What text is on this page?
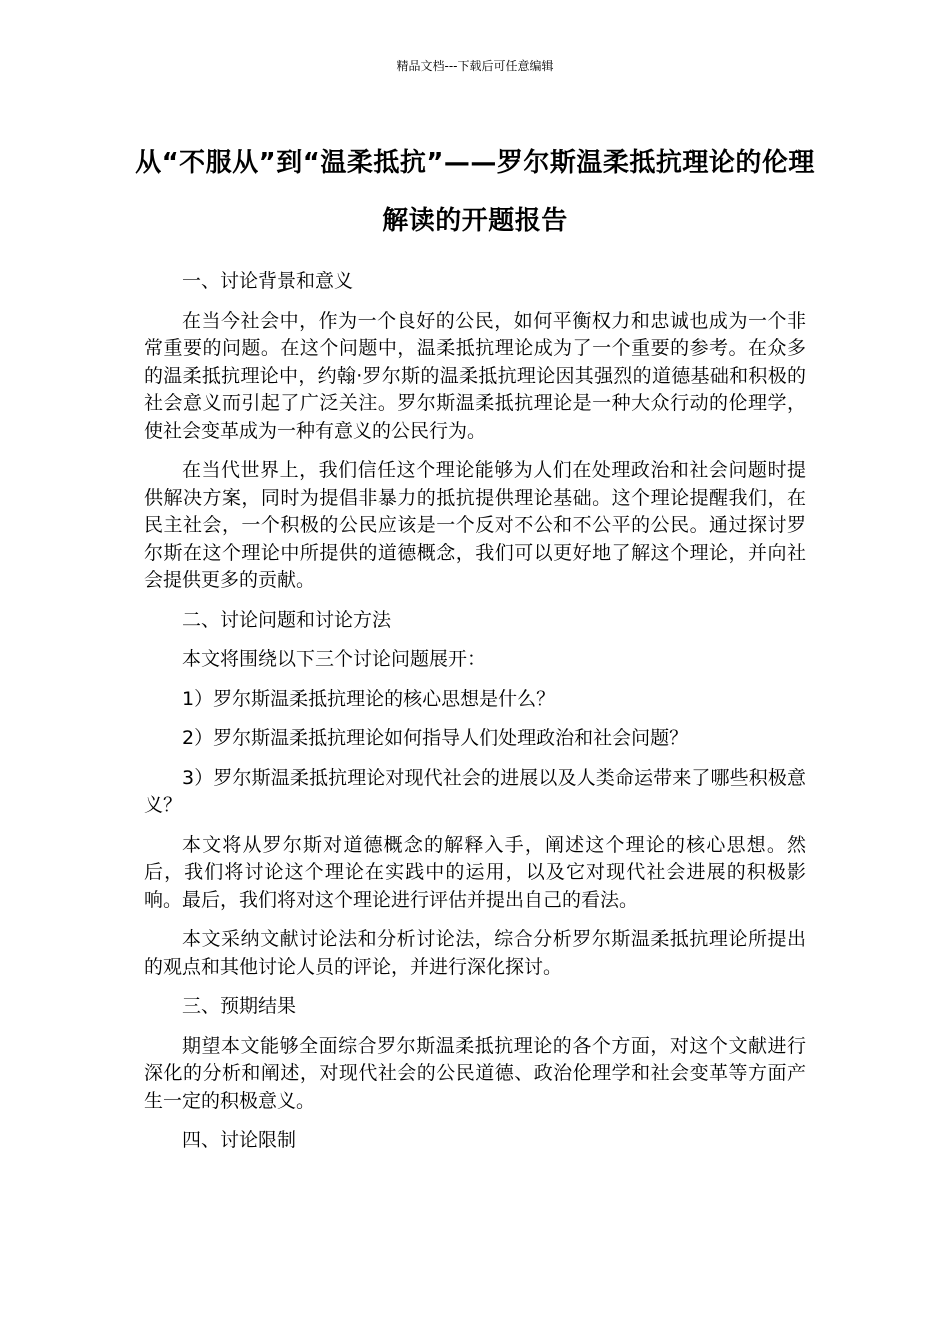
精品文档---下载后可任意编辑
从“不服从”到“温柔抵抗”——罗尔斯温柔抵抗理论的伦理解读的开题报告

一、讨论背景和意义

在当今社会中，作为一个良好的公民，如何平衡权力和忠诚也成为一个非常重要的问题。在这个问题中，温柔抵抗理论成为了一个重要的参考。在众多的温柔抵抗理论中，约翰·罗尔斯的温柔抵抗理论因其强烈的道德基础和积极的社会意义而引起了广泛关注。罗尔斯温柔抵抗理论是一种大众行动的伦理学，使社会变革成为一种有意义的公民行为。

在当代世界上，我们信任这个理论能够为人们在处理政治和社会问题时提供解决方案，同时为提倡非暴力的抵抗提供理论基础。这个理论提醒我们，在民主社会，一个积极的公民应该是一个反对不公和不公平的公民。通过探讨罗尔斯在这个理论中所提供的道德概念，我们可以更好地了解这个理论，并向社会提供更多的贡献。

二、讨论问题和讨论方法

本文将围绕以下三个讨论问题展开：

1）罗尔斯温柔抵抗理论的核心思想是什么？

2）罗尔斯温柔抵抗理论如何指导人们处理政治和社会问题？

3）罗尔斯温柔抵抗理论对现代社会的进展以及人类命运带来了哪些积极意义？

本文将从罗尔斯对道德概念的解释入手，阐述这个理论的核心思想。然后，我们将讨论这个理论在实践中的运用，以及它对现代社会进展的积极影响。最后，我们将对这个理论进行评估并提出自己的看法。

本文采纳文献讨论法和分析讨论法，综合分析罗尔斯温柔抵抗理论所提出的观点和其他讨论人员的评论，并进行深化探讨。

三、预期结果

期望本文能够全面综合罗尔斯温柔抵抗理论的各个方面，对这个文献进行深化的分析和阐述，对现代社会的公民道德、政治伦理学和社会变革等方面产生一定的积极意义。

四、讨论限制
